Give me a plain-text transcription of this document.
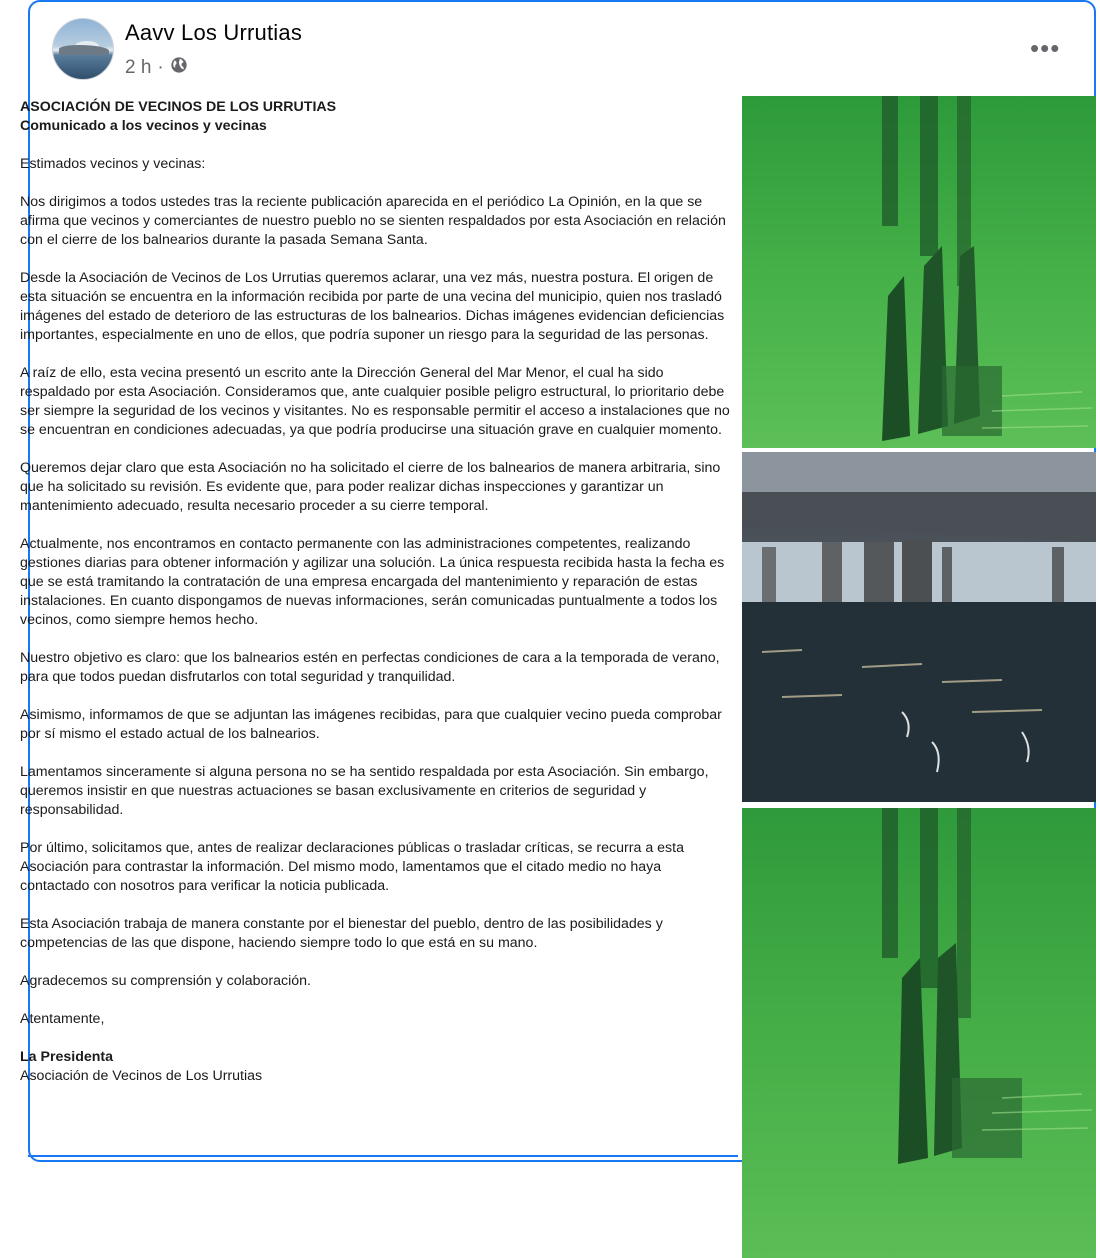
Aavv Los Urrutias
2 h ·
•••
ASOCIACIÓN DE VECINOS DE LOS URRUTIAS
Comunicado a los vecinos y vecinas

Estimados vecinos y vecinas:

Nos dirigimos a todos ustedes tras la reciente publicación aparecida en el periódico La Opinión, en la que se afirma que vecinos y comerciantes de nuestro pueblo no se sienten respaldados por esta Asociación en relación con el cierre de los balnearios durante la pasada Semana Santa.

Desde la Asociación de Vecinos de Los Urrutias queremos aclarar, una vez más, nuestra postura. El origen de esta situación se encuentra en la información recibida por parte de una vecina del municipio, quien nos trasladó imágenes del estado de deterioro de las estructuras de los balnearios. Dichas imágenes evidencian deficiencias importantes, especialmente en uno de ellos, que podría suponer un riesgo para la seguridad de las personas.

A raíz de ello, esta vecina presentó un escrito ante la Dirección General del Mar Menor, el cual ha sido respaldado por esta Asociación. Consideramos que, ante cualquier posible peligro estructural, lo prioritario debe ser siempre la seguridad de los vecinos y visitantes. No es responsable permitir el acceso a instalaciones que no se encuentran en condiciones adecuadas, ya que podría producirse una situación grave en cualquier momento.

Queremos dejar claro que esta Asociación no ha solicitado el cierre de los balnearios de manera arbitraria, sino que ha solicitado su revisión. Es evidente que, para poder realizar dichas inspecciones y garantizar un mantenimiento adecuado, resulta necesario proceder a su cierre temporal.

Actualmente, nos encontramos en contacto permanente con las administraciones competentes, realizando gestiones diarias para obtener información y agilizar una solución. La única respuesta recibida hasta la fecha es que se está tramitando la contratación de una empresa encargada del mantenimiento y reparación de estas instalaciones. En cuanto dispongamos de nuevas informaciones, serán comunicadas puntualmente a todos los vecinos, como siempre hemos hecho.

Nuestro objetivo es claro: que los balnearios estén en perfectas condiciones de cara a la temporada de verano, para que todos puedan disfrutarlos con total seguridad y tranquilidad.

Asimismo, informamos de que se adjuntan las imágenes recibidas, para que cualquier vecino pueda comprobar por sí mismo el estado actual de los balnearios.

Lamentamos sinceramente si alguna persona no se ha sentido respaldada por esta Asociación. Sin embargo, queremos insistir en que nuestras actuaciones se basan exclusivamente en criterios de seguridad y responsabilidad.

Por último, solicitamos que, antes de realizar declaraciones públicas o trasladar críticas, se recurra a esta Asociación para contrastar la información. Del mismo modo, lamentamos que el citado medio no haya contactado con nosotros para verificar la noticia publicada.

Esta Asociación trabaja de manera constante por el bienestar del pueblo, dentro de las posibilidades y competencias de las que dispone, haciendo siempre todo lo que está en su mano.

Agradecemos su comprensión y colaboración.

Atentamente,

La Presidenta
Asociación de Vecinos de Los Urrutias
